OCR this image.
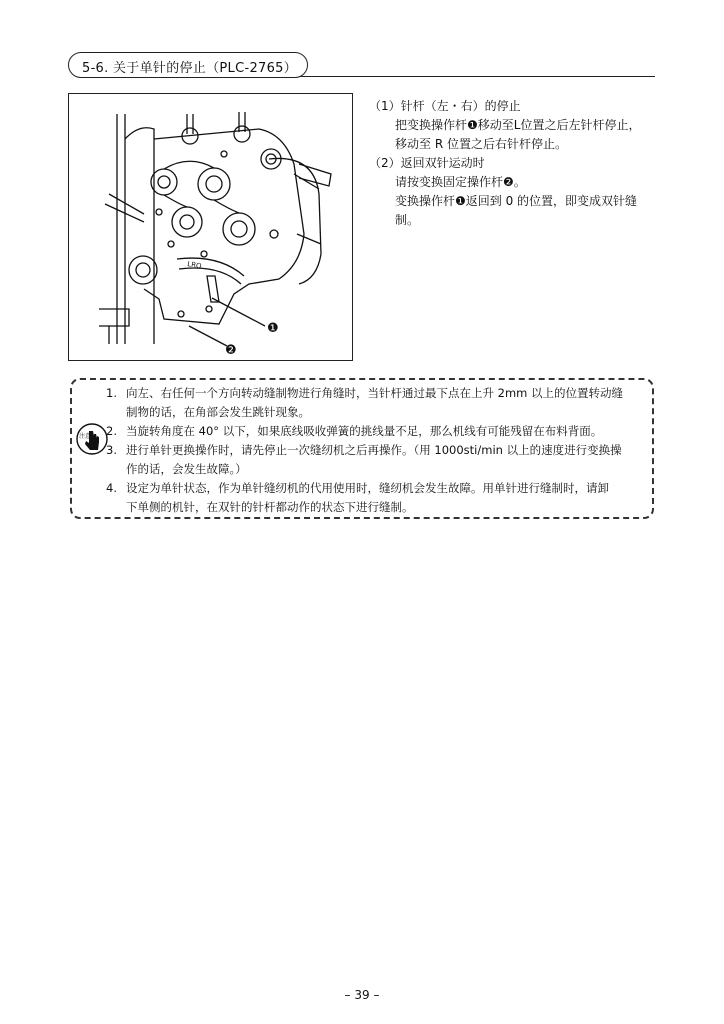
5-6. 关于单针的停止（PLC-2765）
LRO
❶
❷

（1）针杆（左・右）的停止

把变换操作杆❶移动至L位置之后左针杆停止，

移动至 R 位置之后右针杆停止。

（2）返回双针运动时

请按变换固定操作杆❷。

变换操作杆❶返回到 0 的位置，即变成双针缝

制。

注意
1. 向左、右任何一个方向转动缝制物进行角缝时，当针杆通过最下点在上升 2mm 以上的位置转动缝
制物的话，在角部会发生跳针现象。
2. 当旋转角度在 40° 以下，如果底线吸收弹簧的挑线量不足，那么机线有可能残留在布料背面。
3. 进行单针更换操作时，请先停止一次缝纫机之后再操作。（用 1000sti/min 以上的速度进行变换操
作的话，会发生故障。）
4. 设定为单针状态，作为单针缝纫机的代用使用时，缝纫机会发生故障。用单针进行缝制时，请卸
下单侧的机针，在双针的针杆都动作的状态下进行缝制。
– 39 –
